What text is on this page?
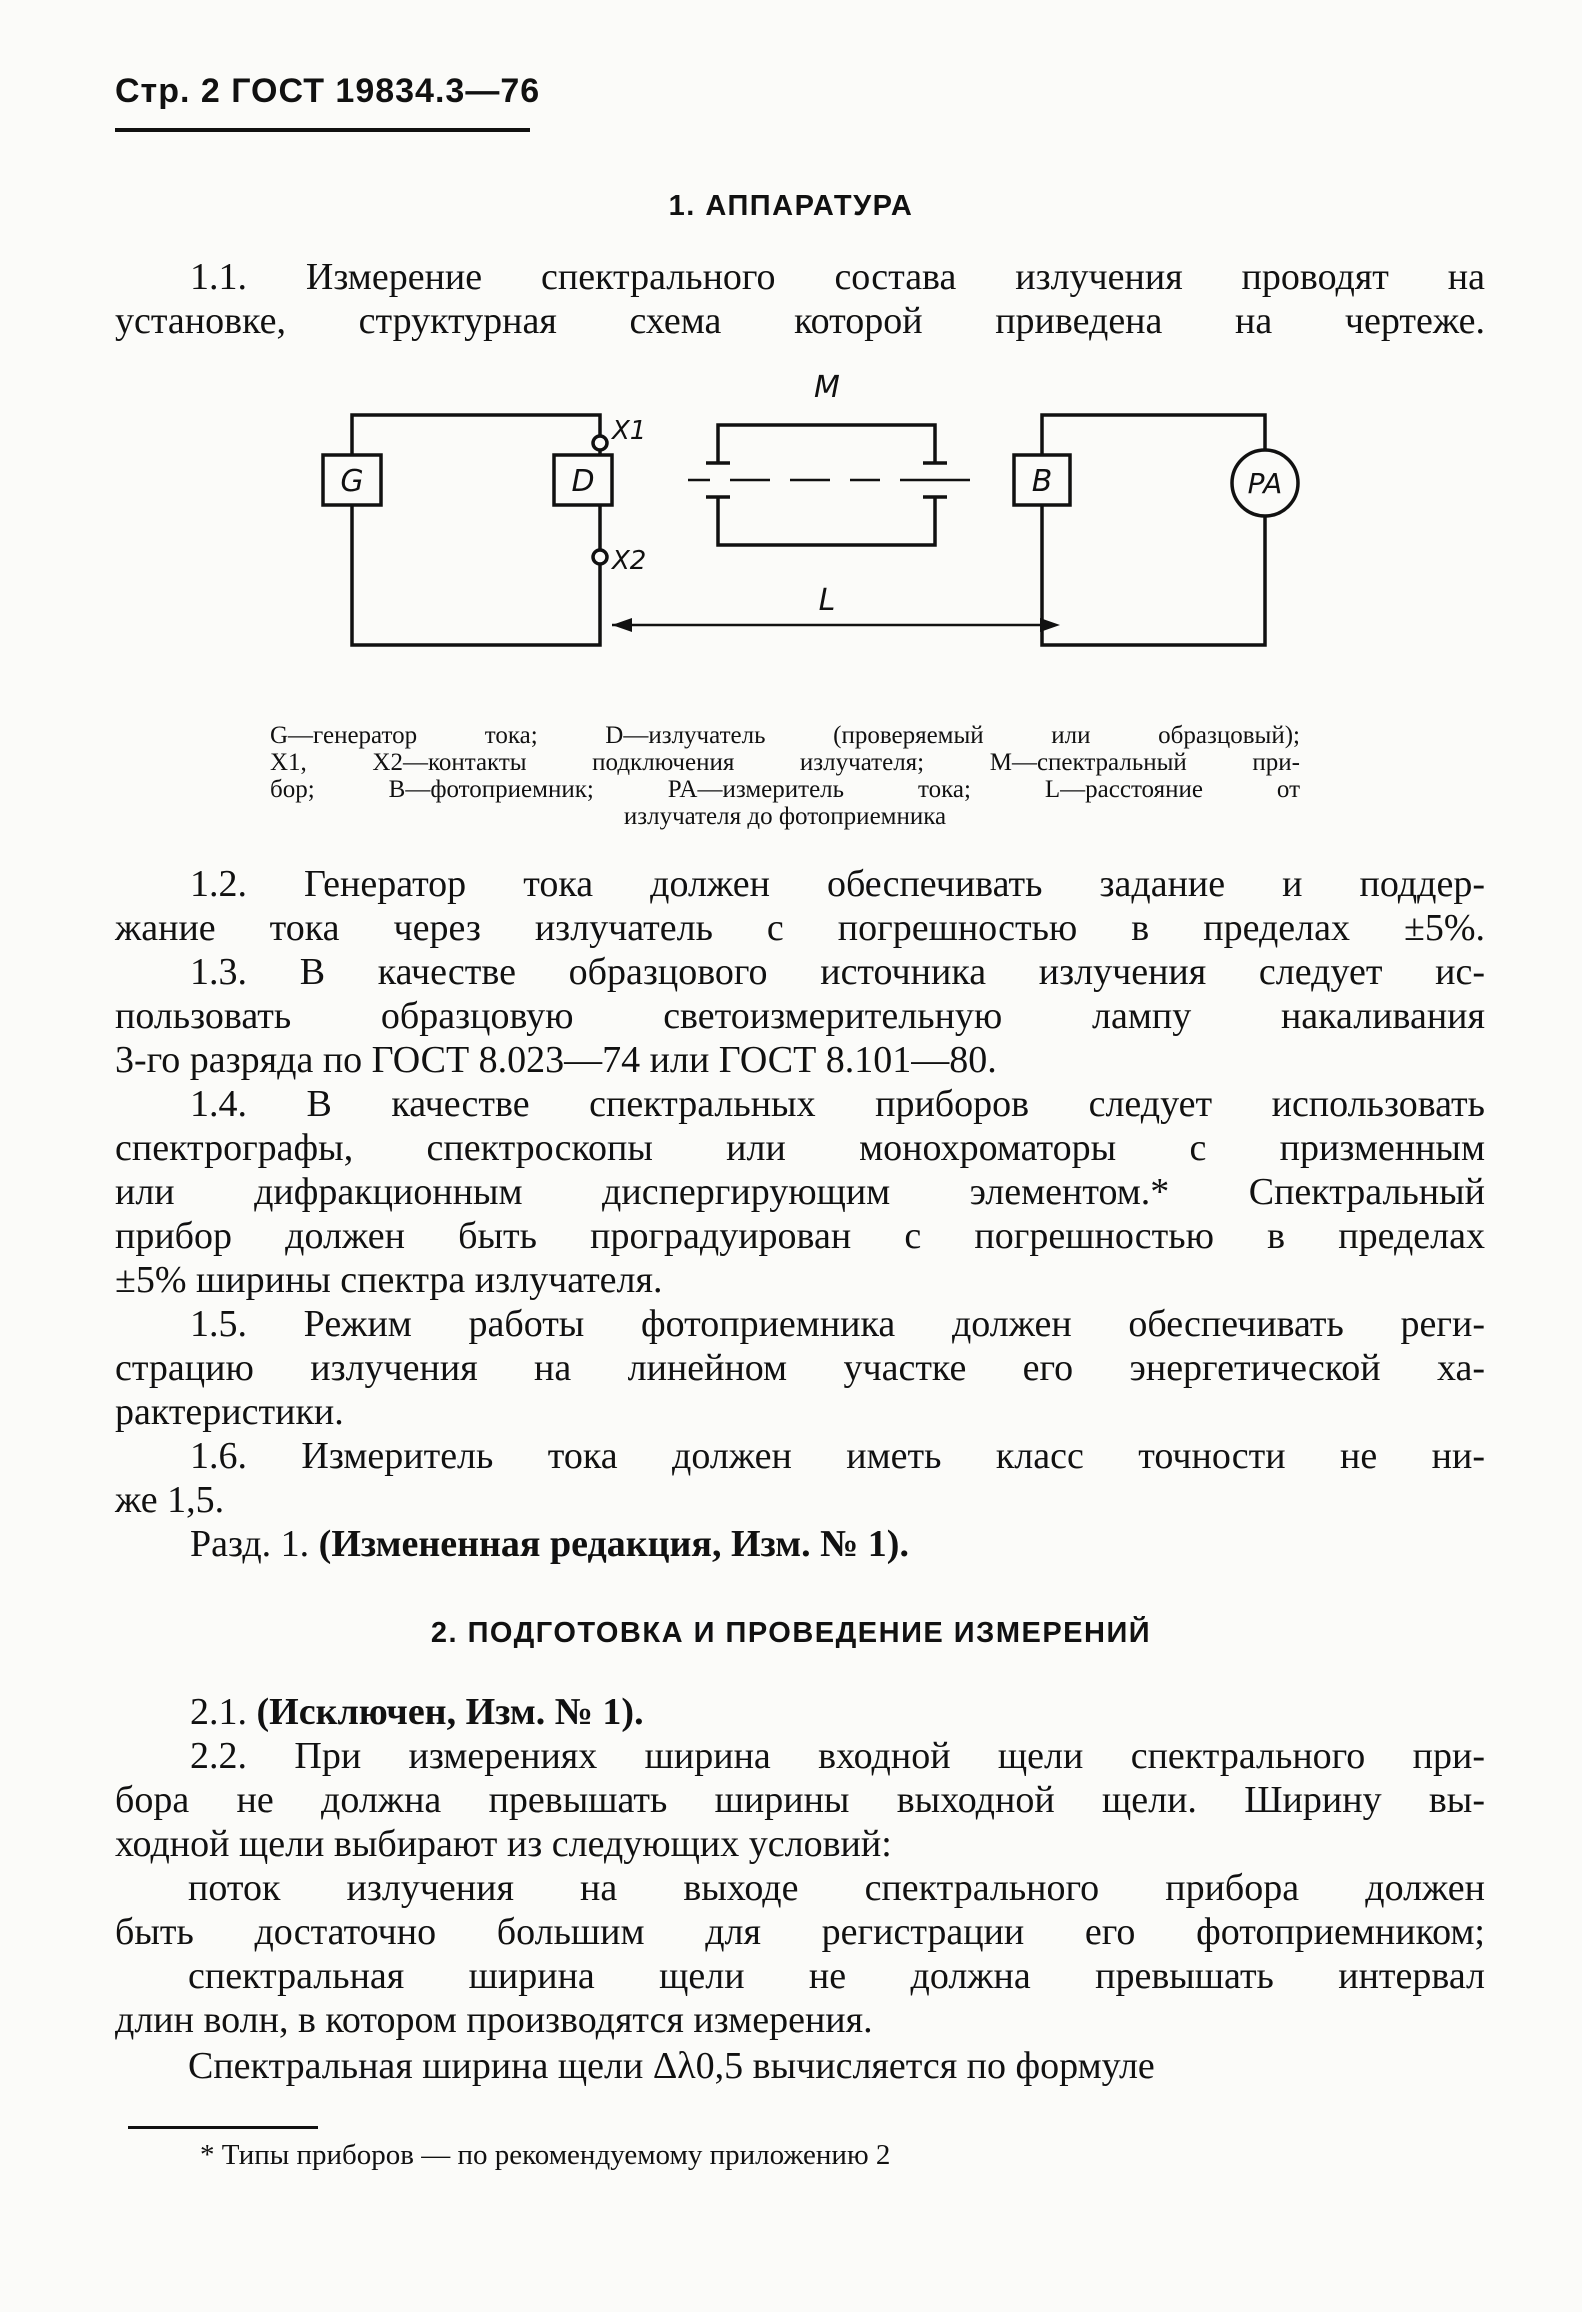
Стр. 2 ГОСТ 19834.3—76
1. АППАРАТУРА
1.1. Измерение спектрального состава излучения проводят на
установке, структурная схема которой приведена на чертеже.
G	D	B	PA
M
L
X1
X2
G—генератор тока; D—излучатель (проверяемый или образцовый);
X1, X2—контакты подключения излучателя; M—спектральный при-
бор; B—фотоприемник; PA—измеритель тока; L—расстояние от
излучателя до фотоприемника
1.2. Генератор тока должен обеспечивать задание и поддер-
жание тока через излучатель с погрешностью в пределах ±5%.
1.3. В качестве образцового источника излучения следует ис-
пользовать образцовую светоизмерительную лампу накаливания
3-го разряда по ГОСТ 8.023—74 или ГОСТ 8.101—80.
1.4. В качестве спектральных приборов следует использовать
спектрографы, спектроскопы или монохроматоры с призменным
или дифракционным диспергирующим элементом.* Спектральный
прибор должен быть проградуирован с погрешностью в пределах
±5% ширины спектра излучателя.
1.5. Режим работы фотоприемника должен обеспечивать реги-
страцию излучения на линейном участке его энергетической ха-
рактеристики.
1.6. Измеритель тока должен иметь класс точности не ни-
же 1,5.
Разд. 1. (Измененная редакция, Изм. № 1).
2. ПОДГОТОВКА И ПРОВЕДЕНИЕ ИЗМЕРЕНИЙ
2.1. (Исключен, Изм. № 1).
2.2. При измерениях ширина входной щели спектрального при-
бора не должна превышать ширины выходной щели. Ширину вы-
ходной щели выбирают из следующих условий:
поток излучения на выходе спектрального прибора должен
быть достаточно большим для регистрации его фотоприемником;
спектральная ширина щели не должна превышать интервал
длин волн, в котором производятся измерения.
Спектральная ширина щели Δλ0,5 вычисляется по формуле
* Типы приборов — по рекомендуемому приложению 2
